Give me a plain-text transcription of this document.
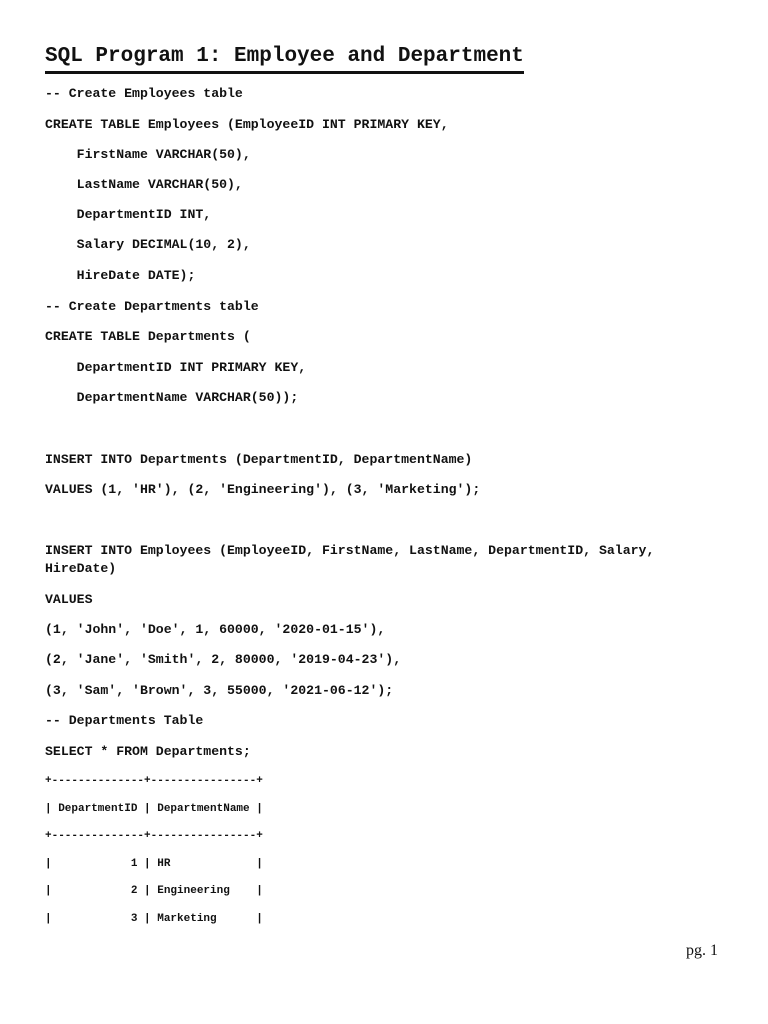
SQL Program 1: Employee and Department

-- Create Employees table

CREATE TABLE Employees (EmployeeID INT PRIMARY KEY,

FirstName VARCHAR(50),

LastName VARCHAR(50),

DepartmentID INT,

Salary DECIMAL(10, 2),

HireDate DATE);

-- Create Departments table

CREATE TABLE Departments (

DepartmentID INT PRIMARY KEY,

DepartmentName VARCHAR(50));

INSERT INTO Departments (DepartmentID, DepartmentName)

VALUES (1, 'HR'), (2, 'Engineering'), (3, 'Marketing');

INSERT INTO Employees (EmployeeID, FirstName, LastName, DepartmentID, Salary, HireDate)

VALUES

(1, 'John', 'Doe', 1, 60000, '2020-01-15'),

(2, 'Jane', 'Smith', 2, 80000, '2019-04-23'),

(3, 'Sam', 'Brown', 3, 55000, '2021-06-12');

-- Departments Table

SELECT * FROM Departments;

+--------------+----------------+

| DepartmentID | DepartmentName |

+--------------+----------------+

|            1 | HR             |

|            2 | Engineering    |

|            3 | Marketing      |

pg. 1
